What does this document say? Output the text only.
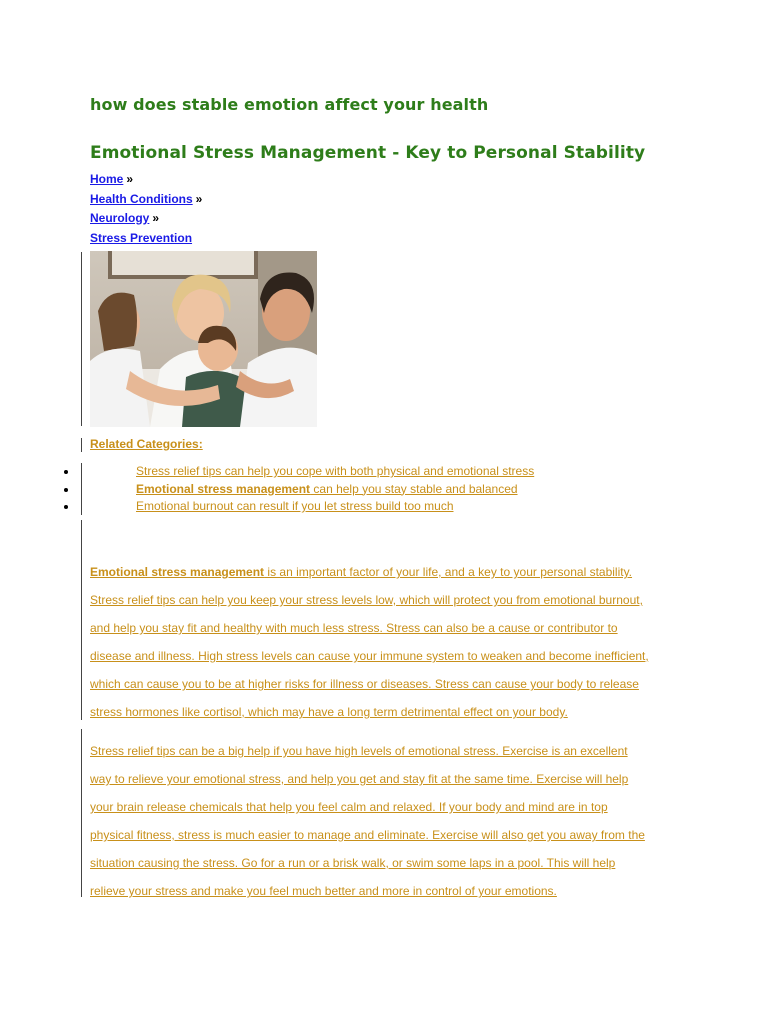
how does stable emotion affect your health
Emotional Stress Management - Key to Personal Stability
Home »
Health Conditions »
Neurology »
Stress Prevention
Related Categories:
Stress relief tips can help you cope with both physical and emotional stress
Emotional stress management can help you stay stable and balanced
Emotional burnout can result if you let stress build too much

Emotional stress management is an important factor of your life, and a key to your personal stability.
Stress relief tips can help you keep your stress levels low, which will protect you from emotional burnout,
and help you stay fit and healthy with much less stress. Stress can also be a cause or contributor to
disease and illness. High stress levels can cause your immune system to weaken and become inefficient,
which can cause you to be at higher risks for illness or diseases. Stress can cause your body to release
stress hormones like cortisol, which may have a long term detrimental effect on your body.

Stress relief tips can be a big help if you have high levels of emotional stress. Exercise is an excellent
way to relieve your emotional stress, and help you get and stay fit at the same time. Exercise will help
your brain release chemicals that help you feel calm and relaxed. If your body and mind are in top
physical fitness, stress is much easier to manage and eliminate. Exercise will also get you away from the
situation causing the stress. Go for a run or a brisk walk, or swim some laps in a pool. This will help
relieve your stress and make you feel much better and more in control of your emotions.
